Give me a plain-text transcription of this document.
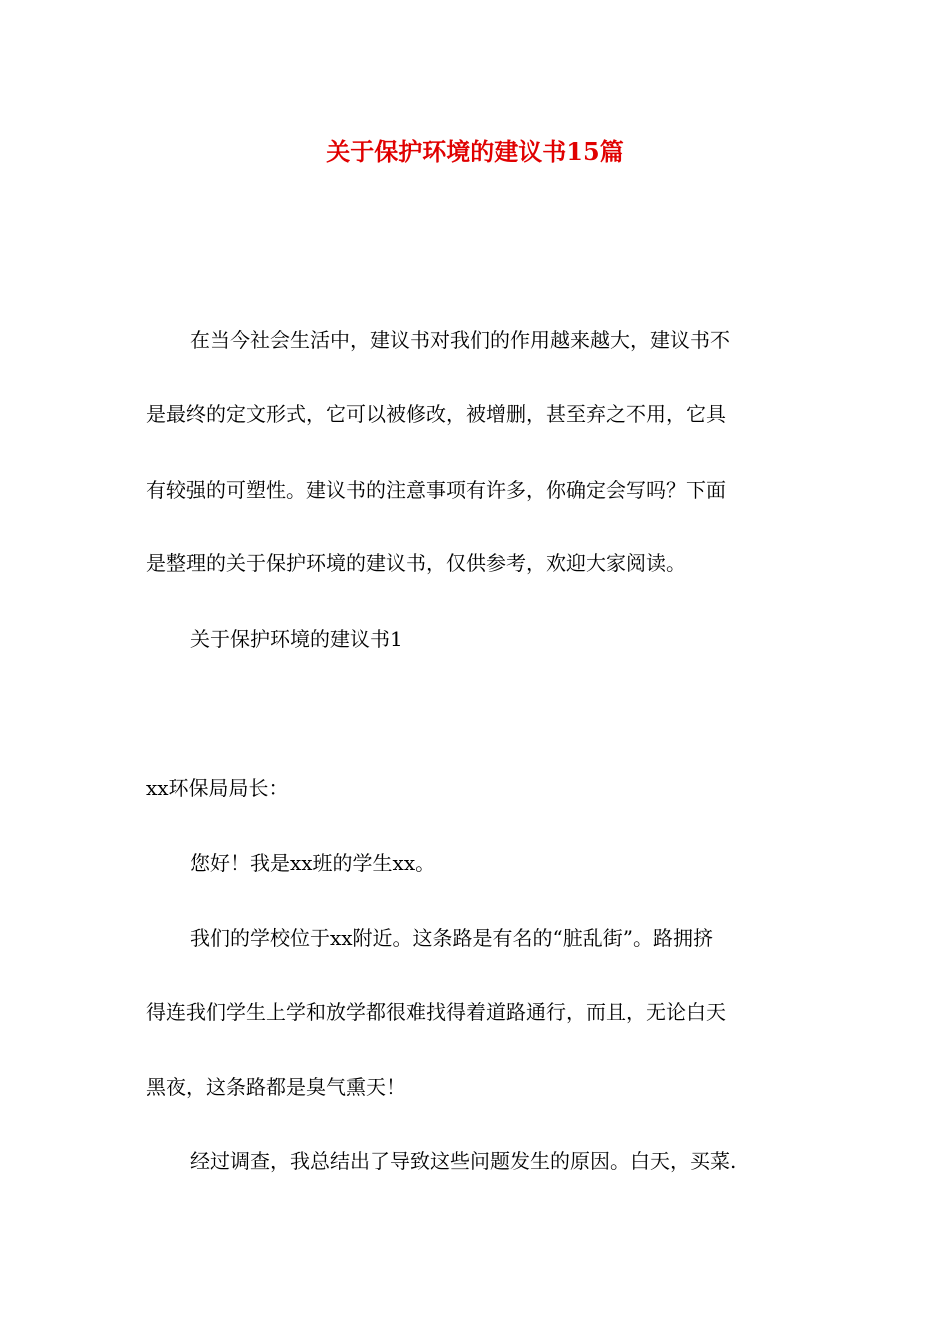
关于保护环境的建议书15篇
在当今社会生活中，建议书对我们的作用越来越大，建议书不
是最终的定文形式，它可以被修改，被增删，甚至弃之不用，它具
有较强的可塑性。建议书的注意事项有许多，你确定会写吗？下面
是整理的关于保护环境的建议书，仅供参考，欢迎大家阅读。
关于保护环境的建议书1
xx环保局局长：
您好！我是xx班的学生xx。
我们的学校位于xx附近。这条路是有名的“脏乱街”。路拥挤
得连我们学生上学和放学都很难找得着道路通行，而且，无论白天
黑夜，这条路都是臭气熏天！
经过调查，我总结出了导致这些问题发生的原因。白天，买菜.
